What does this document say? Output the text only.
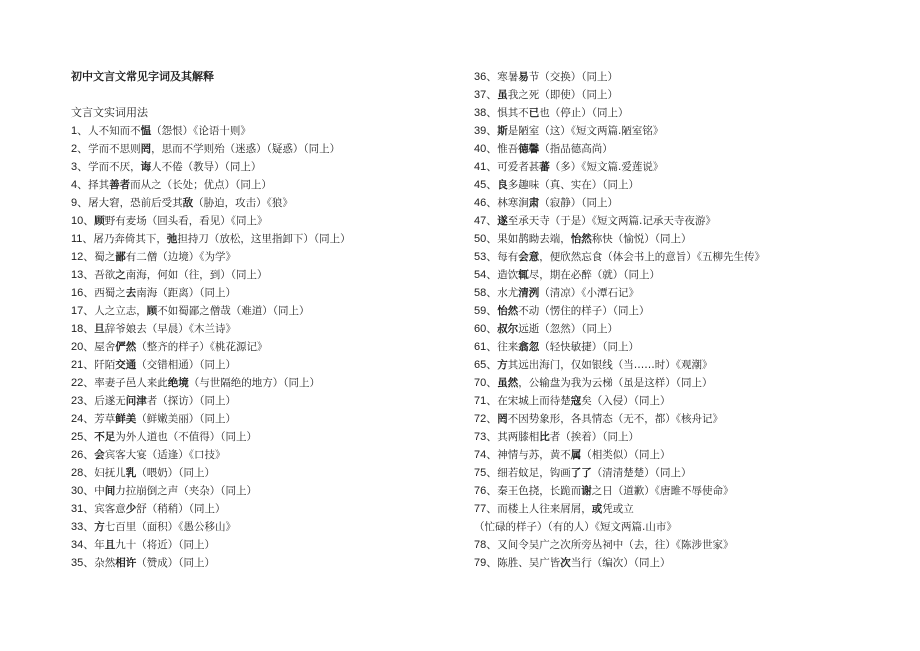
初中文言文常见字词及其解释
文言文实词用法
1、人不知而不愠（怨恨）《论语十则》
2、学而不思则罔，思而不学则殆（迷惑）（疑惑）（同上）
3、学而不厌，诲人不倦（教导）（同上）
4、择其善者而从之（长处；优点）（同上）
9、屠大窘，恐前后受其敌（胁迫，攻击）《狼》
10、顾野有麦场（回头看，看见）《同上》
11、屠乃奔倚其下，弛担持刀（放松，这里指卸下）（同上）
12、蜀之鄙有二僧（边境）《为学》
13、吾欲之南海，何如（往，到）（同上）
16、西蜀之去南海（距离）（同上）
17、人之立志，顾不如蜀鄙之僧哉（难道）（同上）
18、旦辞爷娘去（早晨）《木兰诗》
20、屋舍俨然（整齐的样子）《桃花源记》
21、阡陌交通（交错相通）（同上）
22、率妻子邑人来此绝境（与世隔绝的地方）（同上）
23、后遂无问津者（探访）（同上）
24、芳草鲜美（鲜嫩美丽）（同上）
25、不足为外人道也（不值得）（同上）
26、会宾客大宴（适逢）《口技》
28、妇抚儿乳（喂奶）（同上）
30、中间力拉崩倒之声（夹杂）（同上）
31、宾客意少舒（稍稍）（同上）
33、方七百里（面积）《愚公移山》
34、年且九十（将近）（同上）
35、杂然相许（赞成）（同上）
36、寒暑易节（交换）（同上）
37、虽我之死（即使）（同上）
38、惧其不已也（停止）（同上）
39、斯是陋室（这）《短文两篇.陋室铭》
40、惟吾德馨（指品德高尚）
41、可爱者甚蕃（多）《短文篇.爱莲说》
45、良多趣味（真、实在）（同上）
46、林寒涧肃（寂静）（同上）
47、遂至承天寺（于是）《短文两篇.记承天寺夜游》
50、果如鹊眑去端，怡然称快（愉悦）（同上）
53、每有会意，便欣然忘食（体会书上的意旨）《五柳先生传》
54、造饮辄尽，期在必醉（就）（同上）
58、水尤清洌（清凉）《小潭石记》
59、怡然不动（愣住的样子）（同上）
60、叔尔远逝（忽然）（同上）
61、往来翕忽（轻快敏捷）（同上）
65、方其远出海门，仅如银线（当……时）《观潮》
70、虽然，公输盘为我为云梯（虽是这样）（同上）
71、在宋城上而待楚寇矣（入侵）（同上）
72、罔不因势象形，各具情态（无不，都）《核舟记》
73、其两膝相比者（挨着）（同上）
74、神情与苏，黄不属（相类似）（同上）
75、细若蚊足，钩画了了（清清楚楚）（同上）
76、秦王色挠，长跪而谢之日（道歉）《唐雎不辱使命》
77、而楼上人往来屑屑，或凭或立
（忙碌的样子）（有的人）《短文两篇.山市》
78、又间令吴广之次所旁丛祠中（去，往）《陈涉世家》
79、陈胜、吴广皆次当行（编次）（同上）
